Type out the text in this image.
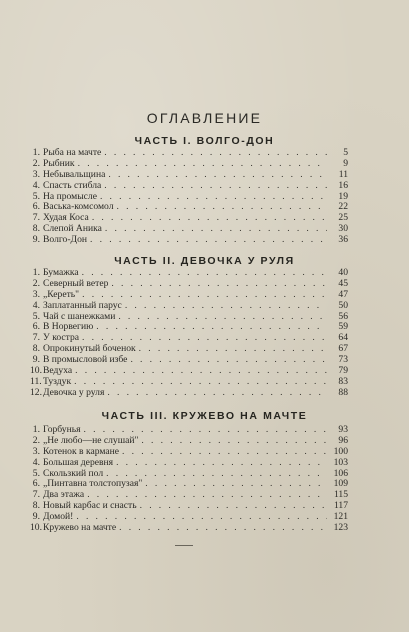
ОГЛАВЛЕНИЕ
ЧАСТЬ I. ВОЛГО-ДОН
1. Рыба на мачте . . .	5
2. Рыбник . . .	9
3. Небывальщина . . .	11
4. Спасть стибла . . .	16
5. На промысле . . .	19
6. Васька-комсомол . . .	22
7. Худая Коса . . .	25
8. Слепой Аника . . .	30
9. Волго-Дон . . .	36
ЧАСТЬ II. ДЕВОЧКА У РУЛЯ
1. Бумажка . . .	40
2. Северный ветер . . .	45
3. „Кереть" . . .	47
4. Заплатанный парус . . .	50
5. Чай с шанежками . . .	56
6. В Норвегию . . .	59
7. У костра . . .	64
8. Опрокинутый боченок . . .	67
9. В промысловой избе . . .	73
10. Ведуха . . .	79
11. Туздук . . .	83
12. Девочка у руля . . .	88
ЧАСТЬ III. КРУЖЕВО НА МАЧТЕ
1. Горбунья . . .	93
2. „Не любо—не слушай" . . .	96
3. Котенок в кармане . . .	100
4. Большая деревня . . .	103
5. Скользкий пол . . .	106
6. „Пинтавна толстопузая" . . .	109
7. Два этажа . . .	115
8. Новый карбас и снасть . . .	117
9. Домой! . . .	121
10. Кружево на мачте . . .	123
